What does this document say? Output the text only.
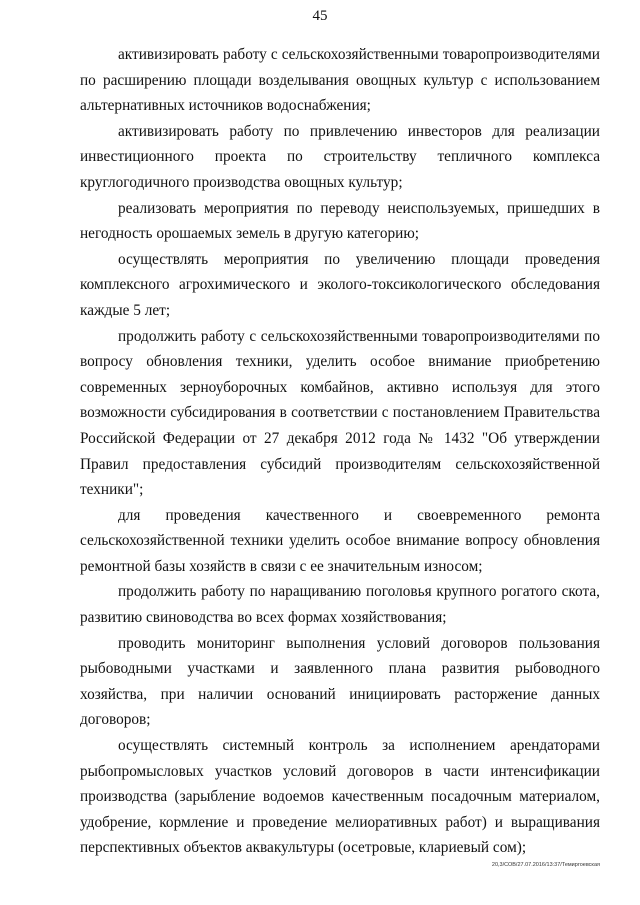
45

активизировать работу с сельскохозяйственными товаропроизводителями по расширению площади возделывания овощных культур с использованием альтернативных источников водоснабжения;

активизировать работу по привлечению инвесторов для реализации инвестиционного проекта по строительству тепличного комплекса круглогодичного производства овощных культур;

реализовать мероприятия по переводу неиспользуемых, пришедших в негодность орошаемых земель в другую категорию;

осуществлять мероприятия по увеличению площади проведения комплексного агрохимического и эколого-токсикологического обследования каждые 5 лет;

продолжить работу с сельскохозяйственными товаропроизводителями по вопросу обновления техники, уделить особое внимание приобретению современных зерноуборочных комбайнов, активно используя для этого возможности субсидирования в соответствии с постановлением Правительства Российской Федерации от 27 декабря 2012 года № 1432 "Об утверждении Правил предоставления субсидий производителям сельскохозяйственной техники";

для проведения качественного и своевременного ремонта сельскохозяйственной техники уделить особое внимание вопросу обновления ремонтной базы хозяйств в связи с ее значительным износом;

продолжить работу по наращиванию поголовья крупного рогатого скота, развитию свиноводства во всех формах хозяйствования;

проводить мониторинг выполнения условий договоров пользования рыбоводными участками и заявленного плана развития рыбоводного хозяйства, при наличии оснований инициировать расторжение данных договоров;

осуществлять системный контроль за исполнением арендаторами рыбопромысловых участков условий договоров в части интенсификации производства (зарыбление водоемов качественным посадочным материалом, удобрение, кормление и проведение мелиоративных работ) и выращивания перспективных объектов аквакультуры (осетровые, клариевый сом);

20,3/СОВ/27.07.2016/13:37/Темиргоевская
